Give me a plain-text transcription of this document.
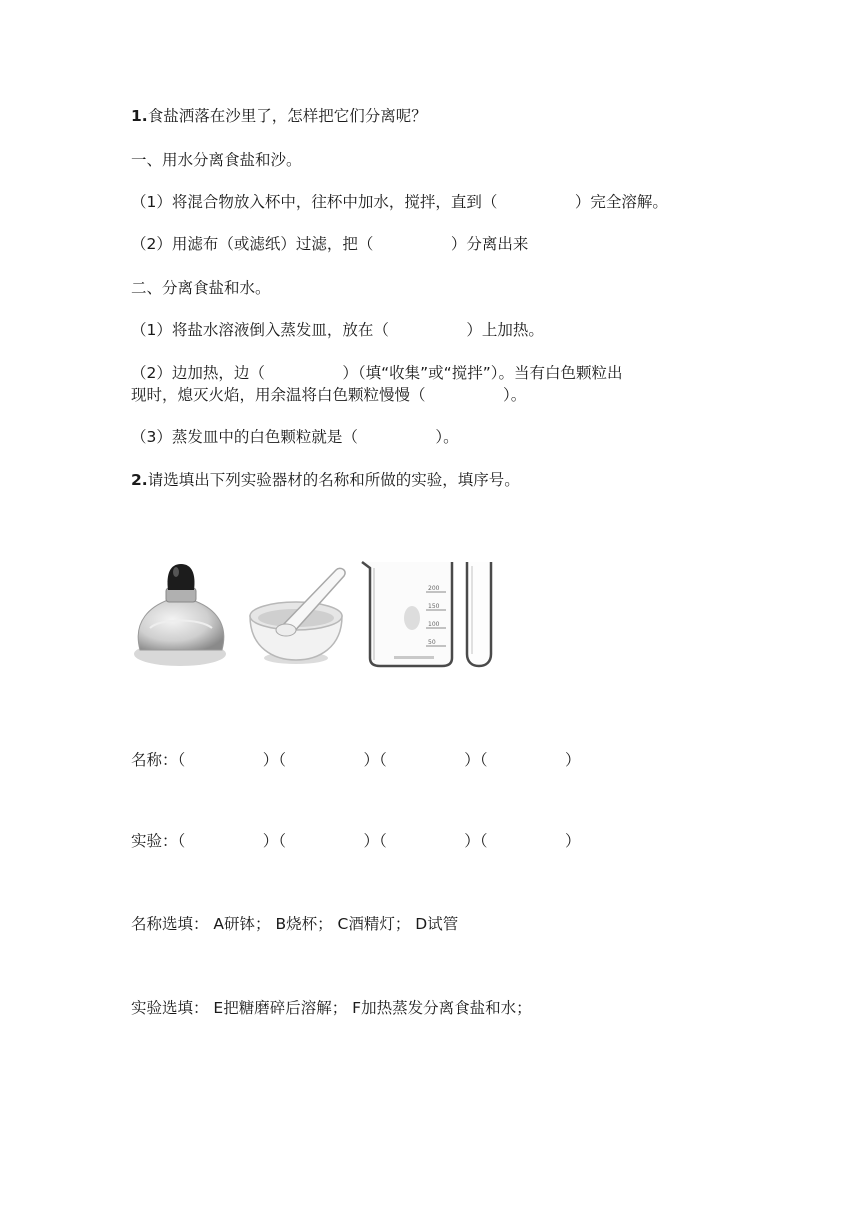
1.食盐洒落在沙里了，怎样把它们分离呢？
一、用水分离食盐和沙。
（1）将混合物放入杯中，往杯中加水，搅拌，直到（　　　　　）完全溶解。
（2）用滤布（或滤纸）过滤，把（　　　　　）分离出来
二、分离食盐和水。
（1）将盐水溶液倒入蒸发皿，放在（　　　　　）上加热。
（2）边加热，边（　　　　　）（填“收集”或“搅拌”）。当有白色颗粒出
现时，熄灭火焰，用余温将白色颗粒慢慢（　　　　　）。
（3）蒸发皿中的白色颗粒就是（　　　　　）。
2.请选填出下列实验器材的名称和所做的实验，填序号。
200
150
100
50
名称：（　　　　　）（　　　　　）（　　　　　）（　　　　　）
实验：（　　　　　）（　　　　　）（　　　　　）（　　　　　）
名称选填： A研钵； B烧杯； C酒精灯； D试管
实验选填： E把糖磨碎后溶解； F加热蒸发分离食盐和水；
